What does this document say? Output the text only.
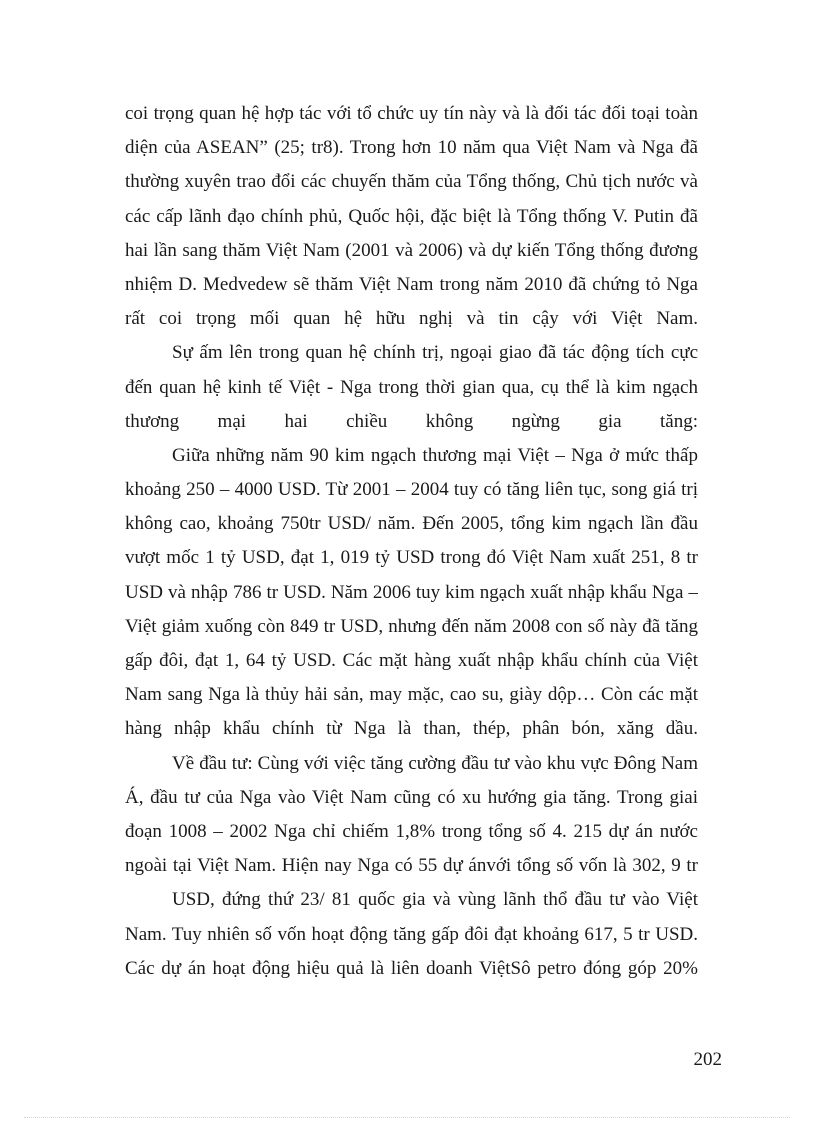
coi trọng quan hệ hợp tác với tổ chức uy tín này và là đối tác đối toại toàn
diện của ASEAN” (25; tr8). Trong hơn 10 năm qua Việt Nam và Nga đã
thường xuyên trao đổi các chuyến thăm của Tổng thống, Chủ tịch nước và
các cấp lãnh đạo chính phủ, Quốc hội, đặc biệt là Tổng thống V. Putin đã
hai lần sang thăm Việt Nam (2001 và 2006) và dự kiến Tổng thống đương
nhiệm D. Medvedew sẽ thăm Việt Nam trong năm 2010 đã chứng tỏ Nga
rất coi trọng mối quan hệ hữu nghị và tin cậy với Việt Nam.
Sự ấm lên trong quan hệ chính trị, ngoại giao đã tác động tích cực
đến quan hệ kinh tế Việt - Nga trong thời gian qua, cụ thể là kim ngạch
thương mại hai chiều không ngừng gia tăng:
Giữa những năm 90 kim ngạch thương mại Việt – Nga ở mức thấp
khoảng 250 – 4000 USD. Từ 2001 – 2004 tuy có tăng liên tục, song giá trị
không cao, khoảng 750tr USD/ năm. Đến 2005, tổng kim ngạch lần đầu
vượt mốc 1 tỷ USD, đạt 1, 019 tỷ USD trong đó Việt Nam xuất 251, 8 tr
USD và nhập 786 tr USD. Năm 2006 tuy kim ngạch xuất nhập khẩu Nga –
Việt giảm xuống còn 849 tr USD, nhưng đến năm 2008 con số này đã tăng
gấp đôi, đạt 1, 64 tỷ USD. Các mặt hàng xuất nhập khẩu chính của Việt
Nam sang Nga là thủy hải sản, may mặc, cao su, giày dộp… Còn các mặt
hàng nhập khẩu chính từ Nga là than, thép, phân bón, xăng dầu.
Về đầu tư: Cùng với việc tăng cường đầu tư vào khu vực Đông Nam
Á, đầu tư của Nga vào Việt Nam cũng có xu hướng gia tăng. Trong giai
đoạn 1008 – 2002 Nga chỉ chiếm 1,8% trong tổng số 4. 215 dự án nước
ngoài tại Việt Nam. Hiện nay Nga có 55 dự ánvới tổng số vốn là 302, 9 tr
USD, đứng thứ 23/ 81 quốc gia và vùng lãnh thổ đầu tư vào Việt
Nam. Tuy nhiên số vốn hoạt động tăng gấp đôi đạt khoảng 617, 5 tr USD.
Các dự án hoạt động hiệu quả là liên doanh ViệtSô petro đóng góp 20%
202
